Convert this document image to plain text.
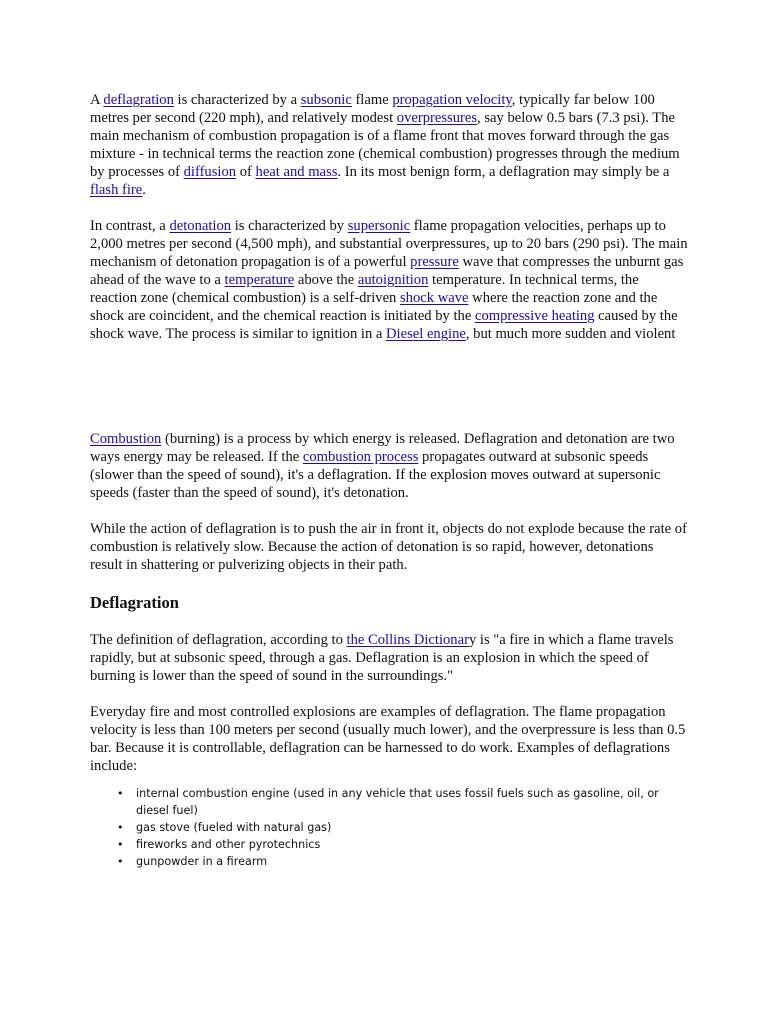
A deflagration is characterized by a subsonic flame propagation velocity, typically far below 100 metres per second (220 mph), and relatively modest overpressures, say below 0.5 bars (7.3 psi). The main mechanism of combustion propagation is of a flame front that moves forward through the gas mixture - in technical terms the reaction zone (chemical combustion) progresses through the medium by processes of diffusion of heat and mass. In its most benign form, a deflagration may simply be a flash fire.

In contrast, a detonation is characterized by supersonic flame propagation velocities, perhaps up to 2,000 metres per second (4,500 mph), and substantial overpressures, up to 20 bars (290 psi). The main mechanism of detonation propagation is of a powerful pressure wave that compresses the unburnt gas ahead of the wave to a temperature above the autoignition temperature. In technical terms, the reaction zone (chemical combustion) is a self-driven shock wave where the reaction zone and the shock are coincident, and the chemical reaction is initiated by the compressive heating caused by the shock wave. The process is similar to ignition in a Diesel engine, but much more sudden and violent

Combustion (burning) is a process by which energy is released. Deflagration and detonation are two ways energy may be released. If the combustion process propagates outward at subsonic speeds (slower than the speed of sound), it's a deflagration. If the explosion moves outward at supersonic speeds (faster than the speed of sound), it's detonation.

While the action of deflagration is to push the air in front it, objects do not explode because the rate of combustion is relatively slow. Because the action of detonation is so rapid, however, detonations result in shattering or pulverizing objects in their path.

Deflagration

The definition of deflagration, according to the Collins Dictionary is "a fire in which a flame travels rapidly, but at subsonic speed, through a gas. Deflagration is an explosion in which the speed of burning is lower than the speed of sound in the surroundings."

Everyday fire and most controlled explosions are examples of deflagration. The flame propagation velocity is less than 100 meters per second (usually much lower), and the overpressure is less than 0.5 bar. Because it is controllable, deflagration can be harnessed to do work. Examples of deflagrations include:

• internal combustion engine (used in any vehicle that uses fossil fuels such as gasoline, oil, or diesel fuel)
• gas stove (fueled with natural gas)
• fireworks and other pyrotechnics
• gunpowder in a firearm
